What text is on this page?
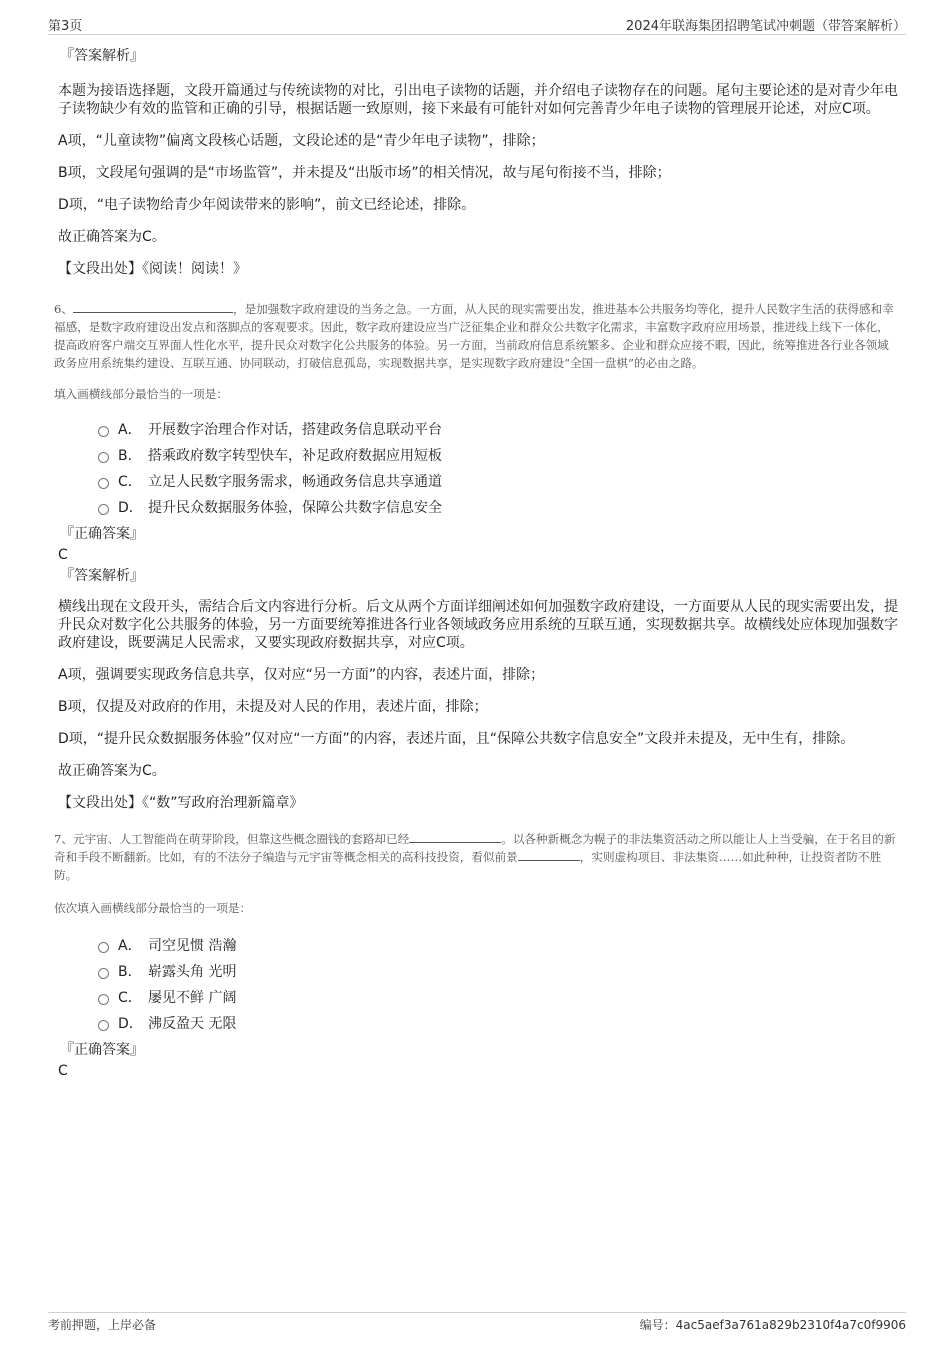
第3页	2024年联海集团招聘笔试冲刺题（带答案解析）
『答案解析』
本题为接语选择题，文段开篇通过与传统读物的对比，引出电子读物的话题，并介绍电子读物存在的问题。尾句主要论述的是对青少年电子读物缺少有效的监管和正确的引导，根据话题一致原则，接下来最有可能针对如何完善青少年电子读物的管理展开论述，对应C项。
A项，“儿童读物”偏离文段核心话题，文段论述的是“青少年电子读物”，排除；
B项，文段尾句强调的是“市场监管”，并未提及“出版市场”的相关情况，故与尾句衔接不当，排除；
D项，“电子读物给青少年阅读带来的影响”，前文已经论述，排除。
故正确答案为C。
【文段出处】《阅读！阅读！》
6、	，是加强数字政府建设的当务之急。一方面，从人民的现实需要出发，推进基本公共服务均等化，提升人民数字生活的获得感和幸福感，是数字政府建设出发点和落脚点的客观要求。因此，数字政府建设应当广泛征集企业和群众公共数字化需求，丰富数字政府应用场景，推进线上线下一体化，提高政府客户端交互界面人性化水平，提升民众对数字化公共服务的体验。另一方面，当前政府信息系统繁多、企业和群众应接不暇，因此，统筹推进各行业各领域政务应用系统集约建设、互联互通、协同联动，打破信息孤岛，实现数据共享，是实现数字政府建设“全国一盘棋”的必由之路。
填入画横线部分最恰当的一项是：
A． 开展数字治理合作对话，搭建政务信息联动平台
B． 搭乘政府数字转型快车，补足政府数据应用短板
C． 立足人民数字服务需求，畅通政务信息共享通道
D． 提升民众数据服务体验，保障公共数字信息安全
『正确答案』
C
『答案解析』
横线出现在文段开头，需结合后文内容进行分析。后文从两个方面详细阐述如何加强数字政府建设，一方面要从人民的现实需要出发，提升民众对数字化公共服务的体验，另一方面要统筹推进各行业各领域政务应用系统的互联互通，实现数据共享。故横线处应体现加强数字政府建设，既要满足人民需求，又要实现政府数据共享，对应C项。
A项，强调要实现政务信息共享，仅对应“另一方面”的内容，表述片面，排除；
B项，仅提及对政府的作用，未提及对人民的作用，表述片面，排除；
D项，“提升民众数据服务体验”仅对应“一方面”的内容，表述片面，且“保障公共数字信息安全”文段并未提及，无中生有，排除。
故正确答案为C。
【文段出处】《“数”写政府治理新篇章》
7、元宇宙、人工智能尚在萌芽阶段，但靠这些概念圈钱的套路却已经	。以各种新概念为幌子的非法集资活动之所以能让人上当受骗，在于名目的新奇和手段不断翻新。比如，有的不法分子编造与元宇宙等概念相关的高科技投资，看似前景	，实则虚构项目、非法集资……如此种种，让投资者防不胜防。
依次填入画横线部分最恰当的一项是：
A． 司空见惯 浩瀚
B． 崭露头角 光明
C． 屡见不鲜 广阔
D． 沸反盈天 无限
『正确答案』
C
考前押题，上岸必备	编号：4ac5aef3a761a829b2310f4a7c0f9906
